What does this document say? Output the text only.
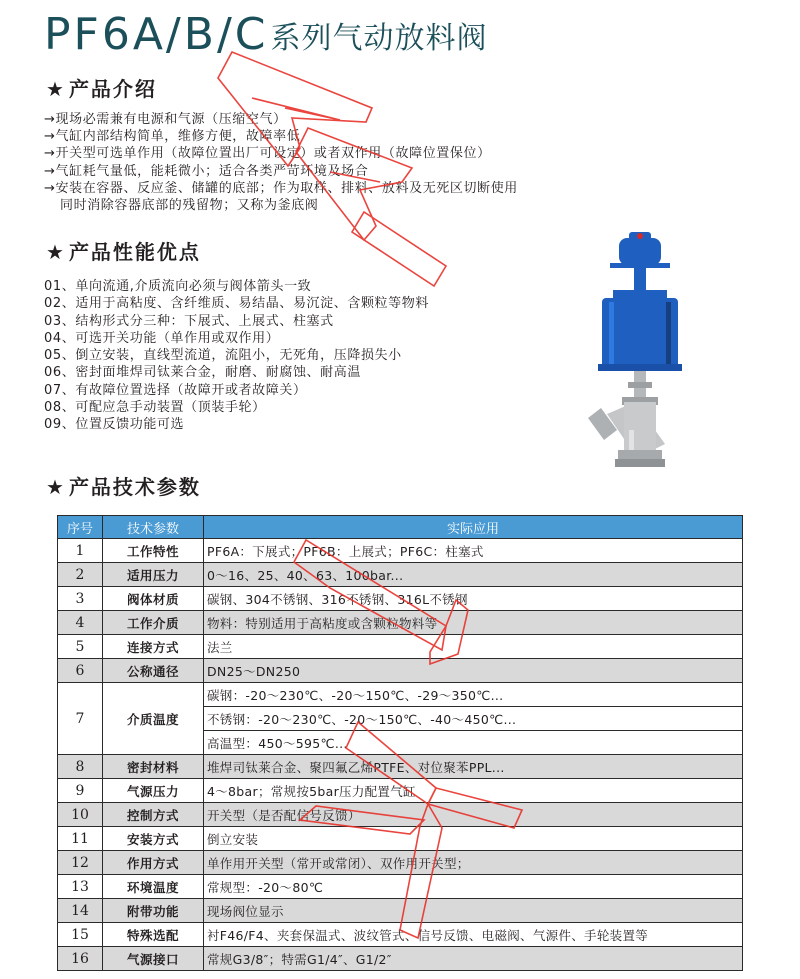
PF6A/B/C 系列气动放料阀
★ 产品介绍
→现场必需兼有电源和气源（压缩空气）
→气缸内部结构简单，维修方便，故障率低
→开关型可选单作用（故障位置出厂可设定）或者双作用（故障位置保位）
→气缸耗气量低，能耗微小；适合各类严苛环境及场合
→安装在容器、反应釜、储罐的底部；作为取样、排料、放料及无死区切断使用
同时消除容器底部的残留物；又称为釜底阀
★ 产品性能优点
01、单向流通,介质流向必须与阀体箭头一致
02、适用于高粘度、含纤维质、易结晶、易沉淀、含颗粒等物料
03、结构形式分三种：下展式、上展式、柱塞式
04、可选开关功能（单作用或双作用）
05、倒立安装，直线型流道，流阻小，无死角，压降损失小
06、密封面堆焊司钛莱合金，耐磨、耐腐蚀、耐高温
07、有故障位置选择（故障开或者故障关）
08、可配应急手动装置（顶装手轮）
09、位置反馈功能可选
★ 产品技术参数
序号	技术参数	实际应用
1	工作特性	PF6A：下展式；PF6B：上展式；PF6C：柱塞式
2	适用压力	0～16、25、40、63、100bar...
3	阀体材质	碳钢、304不锈钢、316不锈钢、316L不锈钢
4	工作介质	物料：特别适用于高粘度或含颗粒物料等
5	连接方式	法兰
6	公称通径	DN25～DN250
7	介质温度	碳钢：-20～230℃、-20～150℃、-29～350℃...
		不锈钢：-20～230℃、-20～150℃、-40～450℃...
		高温型：450～595℃...
8	密封材料	堆焊司钛莱合金、聚四氟乙烯PTFE、对位聚苯PPL...
9	气源压力	4～8bar；常规按5bar压力配置气缸
10	控制方式	开关型（是否配信号反馈）
11	安装方式	倒立安装
12	作用方式	单作用开关型（常开或常闭）、双作用开关型；
13	环境温度	常规型：-20～80℃
14	附带功能	现场阀位显示
15	特殊选配	衬F46/F4、夹套保温式、波纹管式、信号反馈、电磁阀、气源件、手轮装置等
16	气源接口	常规G3/8″；特需G1/4″、G1/2″
